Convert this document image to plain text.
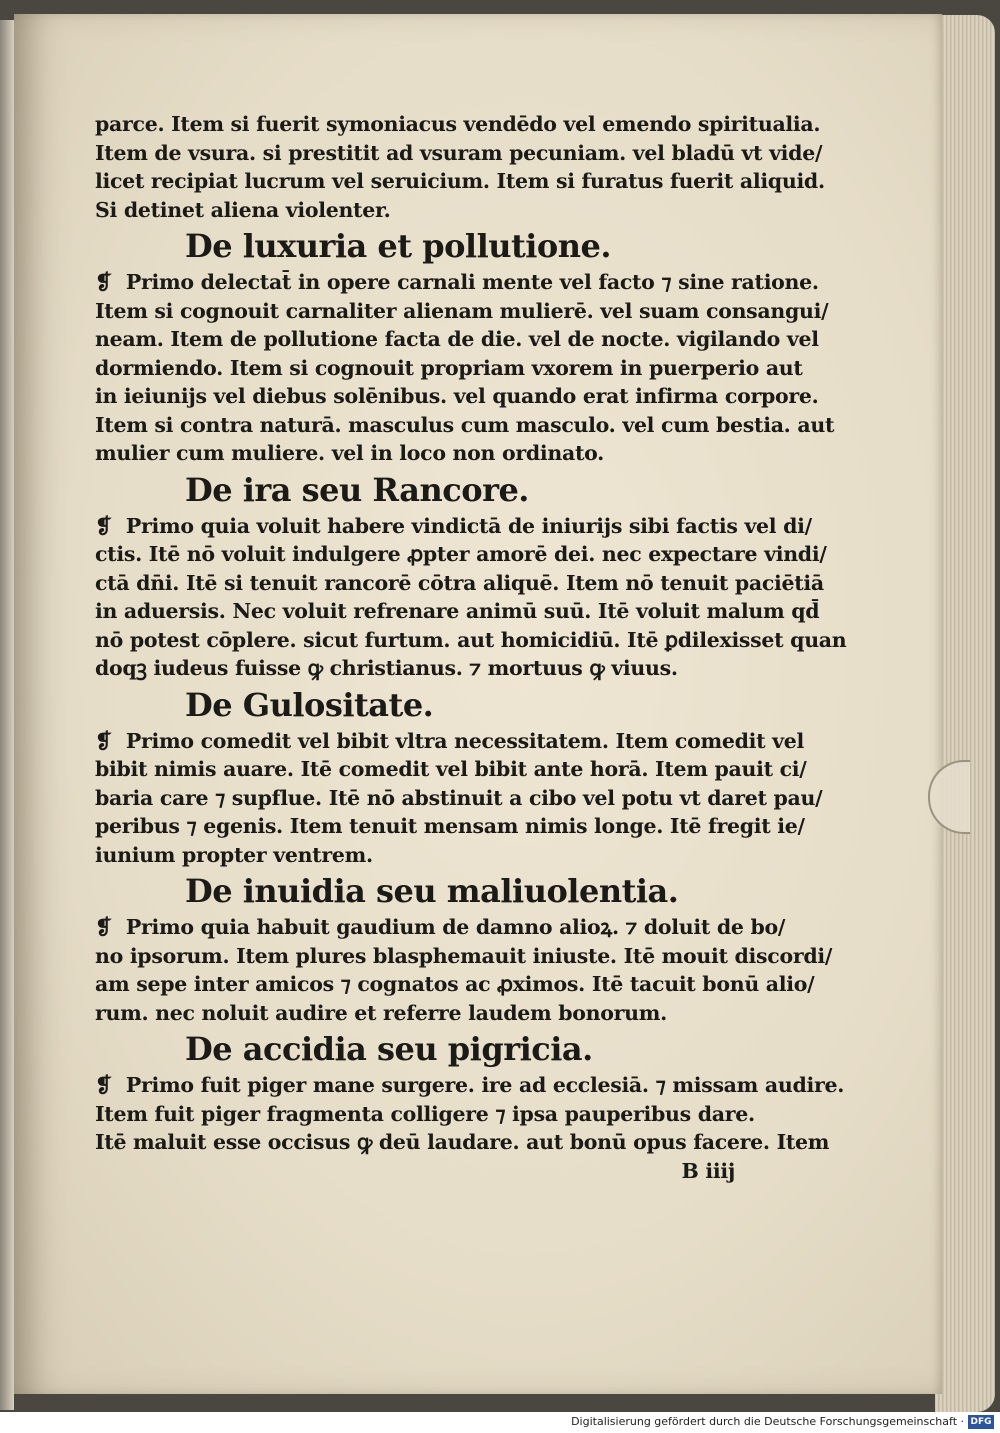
parce. Item si fuerit symoniacus vendēdo vel emendo spiritualia.
Item de vsura. si prestitit ad vsuram pecuniam. vel bladū vt vide/
licet recipiat lucrum vel seruicium. Item si furatus fuerit aliquid.
Si detinet aliena violenter.
De luxuria et pollutione.
❡ Primo delectat̄ in opere carnali mente vel facto ⁊ sine ratione.
Item si cognouit carnaliter alienam mulierē. vel suam consangui/
neam. Item de pollutione facta de die. vel de nocte. vigilando vel
dormiendo. Item si cognouit propriam vxorem in puerperio aut
in ieiunijs vel diebus solēnibus. vel quando erat infirma corpore.
Item si contra naturā. masculus cum masculo. vel cum bestia. aut
mulier cum muliere. vel in loco non ordinato.
De ira seu Rancore.
❡ Primo quia voluit habere vindictā de iniurijs sibi factis vel di/
ctis. Itē nō voluit indulgere ꝓpter amorē dei. nec expectare vindi/
ctā dn̄i. Itē si tenuit rancorē cōtra aliquē. Item nō tenuit paciētiā
in aduersis. Nec voluit refrenare animū suū. Itē voluit malum qd̄
nō potest cōplere. sicut furtum. aut homicidiū. Itē ꝑdilexisset quan
doqꝫ iudeus fuisse ꝙ christianus. ⁊ mortuus ꝙ viuus.
De Gulositate.
❡ Primo comedit vel bibit vltra necessitatem. Item comedit vel
bibit nimis auare. Itē comedit vel bibit ante horā. Item pauit ci/
baria care ⁊ supflue. Itē nō abstinuit a cibo vel potu vt daret pau/
peribus ⁊ egenis. Item tenuit mensam nimis longe. Itē fregit ie/
iunium propter ventrem.
De inuidia seu maliuolentia.
❡ Primo quia habuit gaudium de damno alioꝝ. ⁊ doluit de bo/
no ipsorum. Item plures blasphemauit iniuste. Itē mouit discordi/
am sepe inter amicos ⁊ cognatos ac ꝓximos. Itē tacuit bonū alio/
rum. nec noluit audire et referre laudem bonorum.
De accidia seu pigricia.
❡ Primo fuit piger mane surgere. ire ad ecclesiā. ⁊ missam audire.
Item fuit piger fragmenta colligere ⁊ ipsa pauperibus dare.
Itē maluit esse occisus ꝙ deū laudare. aut bonū opus facere. Item
B iiij
Digitalisierung gefördert durch die Deutsche Forschungsgemeinschaft · DFG
